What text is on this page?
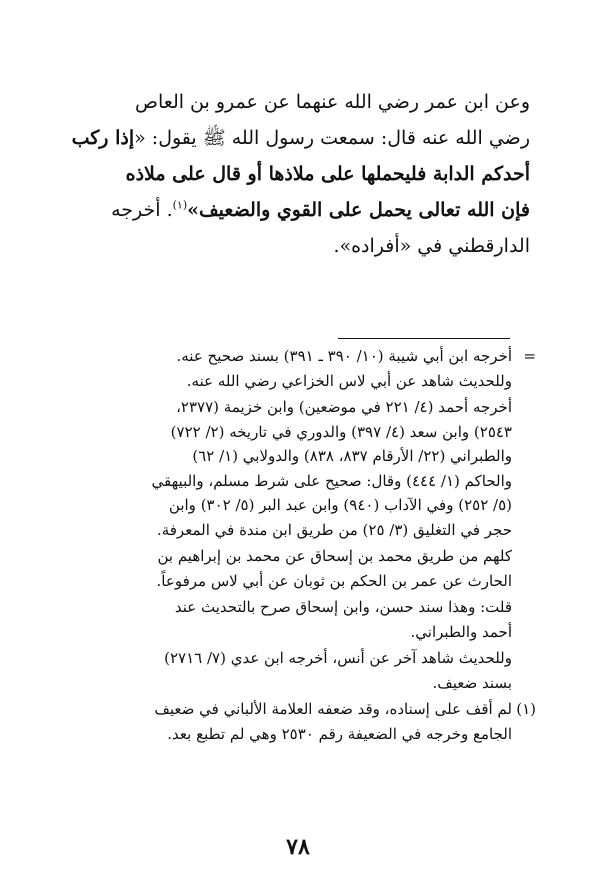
وعن ابن عمر رضي الله عنهما عن عمرو بن العاص
رضي الله عنه قال: سمعت رسول الله ﷺ يقول: «إذا ركب
أحدكم الدابة فليحملها على ملاذها أو قال على ملاذه
فإن الله تعالى يحمل على القوي والضعيف»$^{(١)}$. أخرجه
الدارقطني في «أفراده».
=
أخرجه ابن أبي شيبة (١٠/ ٣٩٠ ـ ٣٩١) بسند صحيح عنه.
وللحديث شاهد عن أبي لاس الخزاعي رضي الله عنه.
أخرجه أحمد (٤/ ٢٢١ في موضعين) وابن خزيمة (٢٣٧٧،
٢٥٤٣) وابن سعد (٤/ ٣٩٧) والدوري في تاريخه (٢/ ٧٢٢)
والطبراني (٢٢/ الأرقام ٨٣٧، ٨٣٨) والدولابي (١/ ٦٢)
والحاكم (١/ ٤٤٤) وقال: صحيح على شرط مسلم، والبيهقي
(٥/ ٢٥٢) وفي الآداب (٩٤٠) وابن عبد البر (٥/ ٣٠٢) وابن
حجر في التغليق (٣/ ٢٥) من طريق ابن مندة في المعرفة.
كلهم من طريق محمد بن إسحاق عن محمد بن إبراهيم بن
الحارث عن عمر بن الحكم بن ثوبان عن أبي لاس مرفوعاً.
قلت: وهذا سند حسن، وابن إسحاق صرح بالتحديث عند
أحمد والطبراني.
وللحديث شاهد آخر عن أنس، أخرجه ابن عدي (٧/ ٢٧١٦)
بسند ضعيف.
(١)
لم أقف على إسناده، وقد ضعفه العلامة الألباني في ضعيف
الجامع وخرجه في الضعيفة رقم ٢٥٣٠ وهي لم تطبع بعد.
٧٨
